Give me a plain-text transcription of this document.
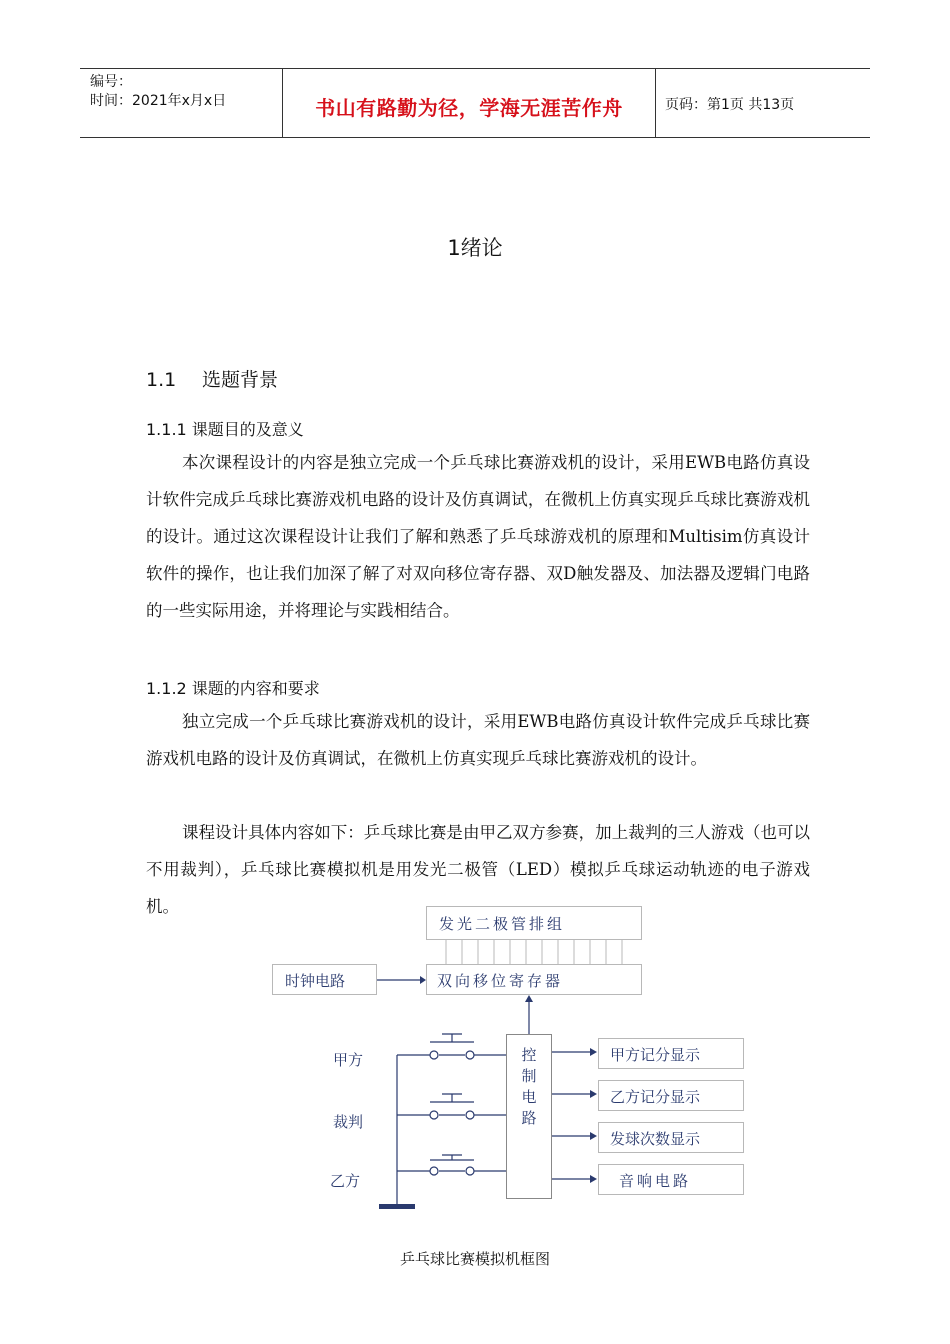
编号：
时间：2021年x月x日	书山有路勤为径，学海无涯苦作舟	页码：第1页 共13页
1绪论
1.1 选题背景
1.1.1 课题目的及意义

本次课程设计的内容是独立完成一个乒乓球比赛游戏机的设计，采用EWB电路仿真设计软件完成乒乓球比赛游戏机电路的设计及仿真调试，在微机上仿真实现乒乓球比赛游戏机的设计。通过这次课程设计让我们了解和熟悉了乒乓球游戏机的原理和Multisim仿真设计软件的操作，也让我们加深了解了对双向移位寄存器、双D触发器及、加法器及逻辑门电路的一些实际用途，并将理论与实践相结合。

1.1.2 课题的内容和要求

独立完成一个乒乓球比赛游戏机的设计，采用EWB电路仿真设计软件完成乒乓球比赛游戏机电路的设计及仿真调试，在微机上仿真实现乒乓球比赛游戏机的设计。

课程设计具体内容如下：乒乓球比赛是由甲乙双方参赛，加上裁判的三人游戏（也可以不用裁判），乒乓球比赛模拟机是用发光二极管（LED）模拟乒乓球运动轨迹的电子游戏机。

发光二极管排组
双向移位寄存器
时钟电路
控制电路
甲方
裁判
乙方
甲方记分显示
乙方记分显示
发球次数显示
音响电路
乒乓球比赛模拟机框图
